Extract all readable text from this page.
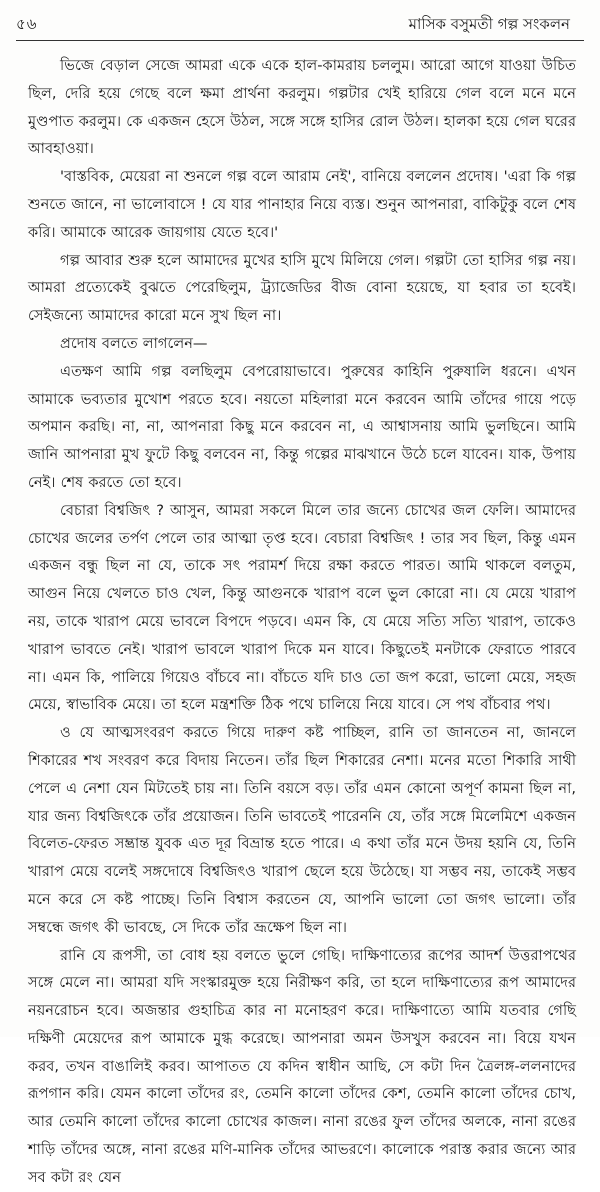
৫৬	মাসিক বসুমতী গল্প সংকলন

ভিজে বেড়াল সেজে আমরা একে একে হাল-কামরায় চললুম। আরো আগে যাওয়া উচিত ছিল, দেরি হয়ে গেছে বলে ক্ষমা প্রার্থনা করলুম। গল্পটার খেই হারিয়ে গেল বলে মনে মনে মুণ্ডপাত করলুম। কে একজন হেসে উঠল, সঙ্গে সঙ্গে হাসির রোল উঠল। হালকা হয়ে গেল ঘরের আবহাওয়া।

'বাস্তবিক, মেয়েরা না শুনলে গল্প বলে আরাম নেই', বানিয়ে বললেন প্রদোষ। 'এরা কি গল্প শুনতে জানে, না ভালোবাসে ! যে যার পানাহার নিয়ে ব্যস্ত। শুনুন আপনারা, বাকিটুকু বলে শেষ করি। আমাকে আরেক জায়গায় যেতে হবে।'

গল্প আবার শুরু হলে আমাদের মুখের হাসি মুখে মিলিয়ে গেল। গল্পটা তো হাসির গল্প নয়। আমরা প্রত্যেকেই বুঝতে পেরেছিলুম, ট্র্যাজেডির বীজ বোনা হয়েছে, যা হবার তা হবেই। সেইজন্যে আমাদের কারো মনে সুখ ছিল না।

প্রদোষ বলতে লাগলেন—

এতক্ষণ আমি গল্প বলছিলুম বেপরোয়াভাবে। পুরুষের কাহিনি পুরুষালি ধরনে। এখন আমাকে ভব্যতার মুখোশ পরতে হবে। নয়তো মহিলারা মনে করবেন আমি তাঁদের গায়ে পড়ে অপমান করছি। না, না, আপনারা কিছু মনে করবেন না, এ আশ্বাসনায় আমি ভুলছিনে। আমি জানি আপনারা মুখ ফুটে কিছু বলবেন না, কিন্তু গল্পের মাঝখানে উঠে চলে যাবেন। যাক, উপায় নেই। শেষ করতে তো হবে।

বেচারা বিশ্বজিৎ ? আসুন, আমরা সকলে মিলে তার জন্যে চোখের জল ফেলি। আমাদের চোখের জলের তর্পণ পেলে তার আত্মা তৃপ্ত হবে। বেচারা বিশ্বজিৎ ! তার সব ছিল, কিন্তু এমন একজন বন্ধু ছিল না যে, তাকে সৎ পরামর্শ দিয়ে রক্ষা করতে পারত। আমি থাকলে বলতুম, আগুন নিয়ে খেলতে চাও খেল, কিন্তু আগুনকে খারাপ বলে ভুল কোরো না। যে মেয়ে খারাপ নয়, তাকে খারাপ মেয়ে ভাবলে বিপদে পড়বে। এমন কি, যে মেয়ে সত্যি সত্যি খারাপ, তাকেও খারাপ ভাবতে নেই। খারাপ ভাবলে খারাপ দিকে মন যাবে। কিছুতেই মনটাকে ফেরাতে পারবে না। এমন কি, পালিয়ে গিয়েও বাঁচবে না। বাঁচতে যদি চাও তো জপ করো, ভালো মেয়ে, সহজ মেয়ে, স্বাভাবিক মেয়ে। তা হলে মন্ত্রশক্তি ঠিক পথে চালিয়ে নিয়ে যাবে। সে পথ বাঁচবার পথ।

ও যে আত্মসংবরণ করতে গিয়ে দারুণ কষ্ট পাচ্ছিল, রানি তা জানতেন না, জানলে শিকারের শখ সংবরণ করে বিদায় নিতেন। তাঁর ছিল শিকারের নেশা। মনের মতো শিকারি সাথী পেলে এ নেশা যেন মিটতেই চায় না। তিনি বয়সে বড়। তাঁর এমন কোনো অপূর্ণ কামনা ছিল না, যার জন্য বিশ্বজিৎকে তাঁর প্রয়োজন। তিনি ভাবতেই পারেননি যে, তাঁর সঙ্গে মিলেমিশে একজন বিলেত-ফেরত সম্ভ্রান্ত যুবক এত দূর বিভ্রান্ত হতে পারে। এ কথা তাঁর মনে উদয় হয়নি যে, তিনি খারাপ মেয়ে বলেই সঙ্গদোষে বিশ্বজিৎও খারাপ ছেলে হয়ে উঠেছে। যা সম্ভব নয়, তাকেই সম্ভব মনে করে সে কষ্ট পাচ্ছে। তিনি বিশ্বাস করতেন যে, আপনি ভালো তো জগৎ ভালো। তাঁর সম্বন্ধে জগৎ কী ভাবছে, সে দিকে তাঁর ভ্রূক্ষেপ ছিল না।

রানি যে রূপসী, তা বোধ হয় বলতে ভুলে গেছি। দাক্ষিণাত্যের রূপের আদর্শ উত্তরাপথের সঙ্গে মেলে না। আমরা যদি সংস্কারমুক্ত হয়ে নিরীক্ষণ করি, তা হলে দাক্ষিণাত্যের রূপ আমাদের নয়নরোচন হবে। অজন্তার গুহাচিত্র কার না মনোহরণ করে। দাক্ষিণাত্যে আমি যতবার গেছি দক্ষিণী মেয়েদের রূপ আমাকে মুগ্ধ করেছে। আপনারা অমন উসখুস করবেন না। বিয়ে যখন করব, তখন বাঙালিই করব। আপাতত যে কদিন স্বাধীন আছি, সে কটা দিন ত্রৈলঙ্গ-ললনাদের রূপগান করি। যেমন কালো তাঁদের রং, তেমনি কালো তাঁদের কেশ, তেমনি কালো তাঁদের চোখ, আর তেমনি কালো তাঁদের কালো চোখের কাজল। নানা রঙের ফুল তাঁদের অলকে, নানা রঙের শাড়ি তাঁদের অঙ্গে, নানা রঙের মণি-মানিক তাঁদের আভরণে। কালোকে পরাস্ত করার জন্যে আর সব কটা রং যেন
